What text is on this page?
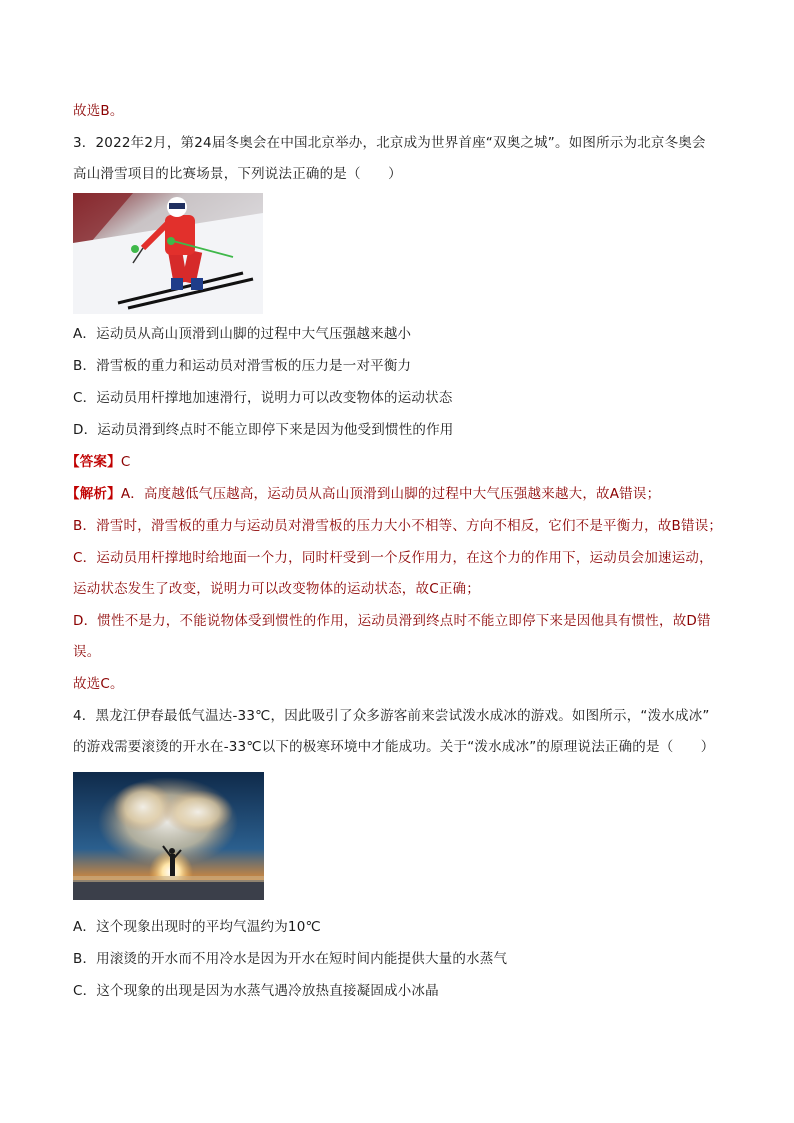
故选B。
3．2022年2月，第24届冬奥会在中国北京举办，北京成为世界首座“双奥之城”。如图所示为北京冬奥会
高山滑雪项目的比赛场景，下列说法正确的是（　　）
A．运动员从高山顶滑到山脚的过程中大气压强越来越小
B．滑雪板的重力和运动员对滑雪板的压力是一对平衡力
C．运动员用杆撑地加速滑行，说明力可以改变物体的运动状态
D．运动员滑到终点时不能立即停下来是因为他受到惯性的作用
【答案】C
【解析】A．高度越低气压越高，运动员从高山顶滑到山脚的过程中大气压强越来越大，故A错误；
B．滑雪时，滑雪板的重力与运动员对滑雪板的压力大小不相等、方向不相反，它们不是平衡力，故B错误；
C．运动员用杆撑地时给地面一个力，同时杆受到一个反作用力，在这个力的作用下，运动员会加速运动，
运动状态发生了改变，说明力可以改变物体的运动状态，故C正确；
D．惯性不是力，不能说物体受到惯性的作用，运动员滑到终点时不能立即停下来是因他具有惯性，故D错
误。
故选C。
4．黑龙江伊春最低气温达-33℃，因此吸引了众多游客前来尝试泼水成冰的游戏。如图所示，“泼水成冰”
的游戏需要滚烫的开水在-33℃以下的极寒环境中才能成功。关于“泼水成冰”的原理说法正确的是（　　）
A．这个现象出现时的平均气温约为10℃
B．用滚烫的开水而不用冷水是因为开水在短时间内能提供大量的水蒸气
C．这个现象的出现是因为水蒸气遇冷放热直接凝固成小冰晶
